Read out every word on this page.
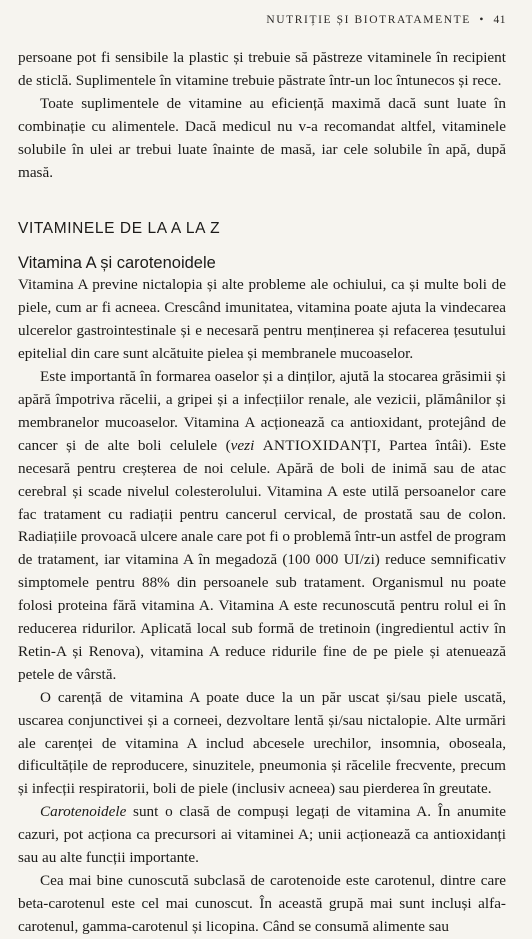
NUTRIȚIE ȘI BIOTRATAMENTE • 41

persoane pot fi sensibile la plastic și trebuie să păstreze vitaminele în recipient de sticlă. Suplimentele în vitamine trebuie păstrate într-un loc întunecos și rece.

Toate suplimentele de vitamine au eficiență maximă dacă sunt luate în combinație cu alimentele. Dacă medicul nu v-a recomandat altfel, vitaminele solubile în ulei ar trebui luate înainte de masă, iar cele solubile în apă, după masă.

VITAMINELE DE LA A LA Z
Vitamina A și carotenoidele

Vitamina A previne nictalopia și alte probleme ale ochiului, ca și multe boli de piele, cum ar fi acneea. Crescând imunitatea, vitamina poate ajuta la vindecarea ulcerelor gastrointestinale și e necesară pentru menținerea și refacerea țesutului epitelial din care sunt alcătuite pielea și membranele mucoaselor.

Este importantă în formarea oaselor și a dinților, ajută la stocarea grăsimii și apără împotriva răcelii, a gripei și a infecțiilor renale, ale vezicii, plămânilor și membranelor mucoaselor. Vitamina A acționează ca antioxidant, protejând de cancer și de alte boli celulele (vezi ANTIOXIDANȚI, Partea întâi). Este necesară pentru creșterea de noi celule. Apără de boli de inimă sau de atac cerebral și scade nivelul colesterolului. Vitamina A este utilă persoanelor care fac tratament cu radiații pentru cancerul cervical, de prostată sau de colon. Radiațiile provoacă ulcere anale care pot fi o problemă într-un astfel de program de tratament, iar vitamina A în megadoză (100 000 UI/zi) reduce semnificativ simptomele pentru 88% din persoanele sub tratament. Organismul nu poate folosi proteina fără vitamina A. Vitamina A este recunoscută pentru rolul ei în reducerea ridurilor. Aplicată local sub formă de tretinoin (ingredientul activ în Retin-A și Renova), vitamina A reduce ridurile fine de pe piele și atenuează petele de vârstă.

O carență de vitamina A poate duce la un păr uscat și/sau piele uscată, uscarea conjunctivei și a corneei, dezvoltare lentă și/sau nictalopie. Alte urmări ale carenței de vitamina A includ abcesele urechilor, insomnia, oboseala, dificultățile de reproducere, sinuzitele, pneumonia și răcelile frecvente, precum și infecții respiratorii, boli de piele (inclusiv acneea) sau pierderea în greutate.

Carotenoidele sunt o clasă de compuși legați de vitamina A. În anumite cazuri, pot acționa ca precursori ai vitaminei A; unii acționează ca antioxidanți sau au alte funcții importante.

Cea mai bine cunoscută subclasă de carotenoide este carotenul, dintre care beta-carotenul este cel mai cunoscut. În această grupă mai sunt incluși alfa-carotenul, gamma-carotenul și licopina. Când se consumă alimente sau
